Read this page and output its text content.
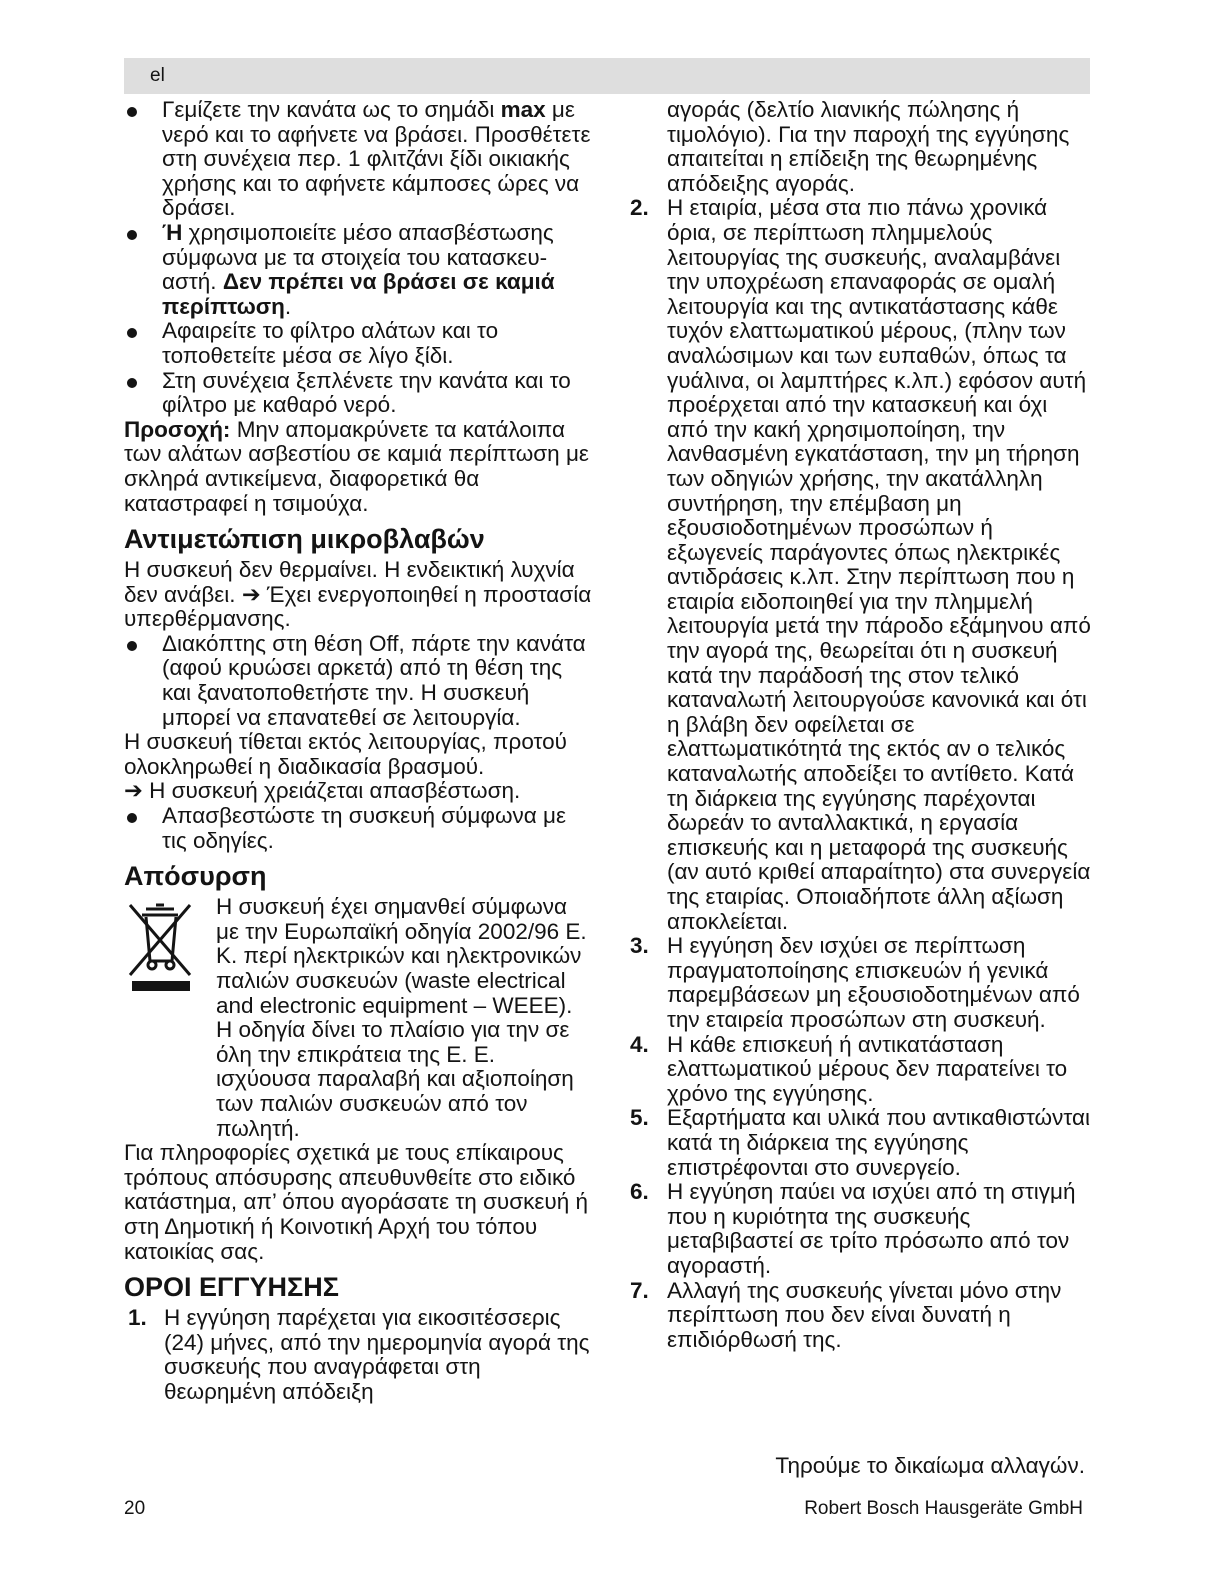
el
Γεμίζετε την κανάτα ως το σημάδι max με νερό και το αφήνετε να βράσει. Προσθέτετε στη συνέχεια περ. 1 φλιτζάνι ξίδι οικιακής χρήσης και το αφήνετε κάμποσες ώρες να δράσει.
Ή χρησιμοποιείτε μέσο απασβέστωσης σύμφωνα με τα στοιχεία του κατασκευ-αστή. Δεν πρέπει να βράσει σε καμιά περίπτωση.
Αφαιρείτε το φίλτρο αλάτων και το τοποθετείτε μέσα σε λίγο ξίδι.
Στη συνέχεια ξεπλένετε την κανάτα και το φίλτρο με καθαρό νερό.

Προσοχή: Μην απομακρύνετε τα κατάλοιπα των αλάτων ασβεστίου σε καμιά περίπτωση με σκληρά αντικείμενα, διαφορετικά θα καταστραφεί η τσιμούχα.

Αντιμετώπιση μικροβλαβών

Η συσκευή δεν θερμαίνει. Η ενδεικτική λυχνία δεν ανάβει. ➔ Έχει ενεργοποιηθεί η προστασία υπερθέρμανσης.

Διακόπτης στη θέση Off, πάρτε την κανάτα (αφού κρυώσει αρκετά) από τη θέση της και ξανατοποθετήστε την. Η συσκευή μπορεί να επανατεθεί σε λειτουργία.

Η συσκευή τίθεται εκτός λειτουργίας, προτού ολοκληρωθεί η διαδικασία βρασμού.

➔ Η συσκευή χρειάζεται απασβέστωση.

Απασβεστώστε τη συσκευή σύμφωνα με τις οδηγίες.
Απόσυρση
Η συσκευή έχει σημανθεί σύμφωνα με την Ευρωπαϊκή οδηγία 2002/96 Ε. Κ. περί ηλεκτρικών και ηλεκτρονικών παλιών συσκευών (waste electrical and electronic equipment – WEEE). Η οδηγία δίνει το πλαίσιο για την σε όλη την επικράτεια της Ε. Ε. ισχύουσα παραλαβή και αξιοποίηση των παλιών συσκευών από τον πωλητή.

Για πληροφορίες σχετικά με τους επίκαιρους τρόπους απόσυρσης απευθυνθείτε στο ειδικό κατάστημα, απ’ όπου αγοράσατε τη συσκευή ή στη Δημοτική ή Κοινοτική Αρχή του τόπου κατοικίας σας.

ΟΡΟΙ ΕΓΓΥΗΣΗΣ
1. Η εγγύηση παρέχεται για εικοσιτέσσερις (24) μήνες, από την ημερομηνία αγορά της συσκευής που αναγράφεται στη θεωρημένη απόδειξη

αγοράς (δελτίο λιανικής πώλησης ή τιμολόγιο). Για την παροχή της εγγύησης απαιτείται η επίδειξη της θεωρημένης απόδειξης αγοράς.

2. Η εταιρία, μέσα στα πιο πάνω χρονικά όρια, σε περίπτωση πλημμελούς λειτουργίας της συσκευής, αναλαμβάνει την υποχρέωση επαναφοράς σε ομαλή λειτουργία και της αντικατάστασης κάθε τυχόν ελαττωματικού μέρους, (πλην των αναλώσιμων και των ευπαθών, όπως τα γυάλινα, οι λαμπτήρες κ.λπ.) εφόσον αυτή προέρχεται από την κατασκευή και όχι από την κακή χρησιμοποίηση, την λανθασμένη εγκατάσταση, την μη τήρηση των οδηγιών χρήσης, την ακατάλληλη συντήρηση, την επέμβαση μη εξουσιοδοτημένων προσώπων ή εξωγενείς παράγοντες όπως ηλεκτρικές αντιδράσεις κ.λπ. Στην περίπτωση που η εταιρία ειδοποιηθεί για την πλημμελή λειτουργία μετά την πάροδο εξάμηνου από την αγορά της, θεωρείται ότι η συσκευή κατά την παράδοσή της στον τελικό καταναλωτή λειτουργούσε κανονικά και ότι η βλάβη δεν οφείλεται σε ελαττωματικότητά της εκτός αν ο τελικός καταναλωτής αποδείξει το αντίθετο. Κατά τη διάρκεια της εγγύησης παρέχονται δωρεάν το ανταλλακτικά, η εργασία επισκευής και η μεταφορά της συσκευής (αν αυτό κριθεί απαραίτητο) στα συνεργεία της εταιρίας. Οποιαδήποτε άλλη αξίωση αποκλείεται.
3. Η εγγύηση δεν ισχύει σε περίπτωση πραγματοποίησης επισκευών ή γενικά παρεμβάσεων μη εξουσιοδοτημένων από την εταιρεία προσώπων στη συσκευή.
4. Η κάθε επισκευή ή αντικατάσταση ελαττωματικού μέρους δεν παρατείνει το χρόνο της εγγύησης.
5. Εξαρτήματα και υλικά που αντικαθιστώνται κατά τη διάρκεια της εγγύησης επιστρέφονται στο συνεργείο.
6. Η εγγύηση παύει να ισχύει από τη στιγμή που η κυριότητα της συσκευής μεταβιβαστεί σε τρίτο πρόσωπο από τον αγοραστή.
7. Αλλαγή της συσκευής γίνεται μόνο στην περίπτωση που δεν είναι δυνατή η επιδιόρθωσή της.
Τηρούμε το δικαίωμα αλλαγών.
20	Robert Bosch Hausgeräte GmbH
